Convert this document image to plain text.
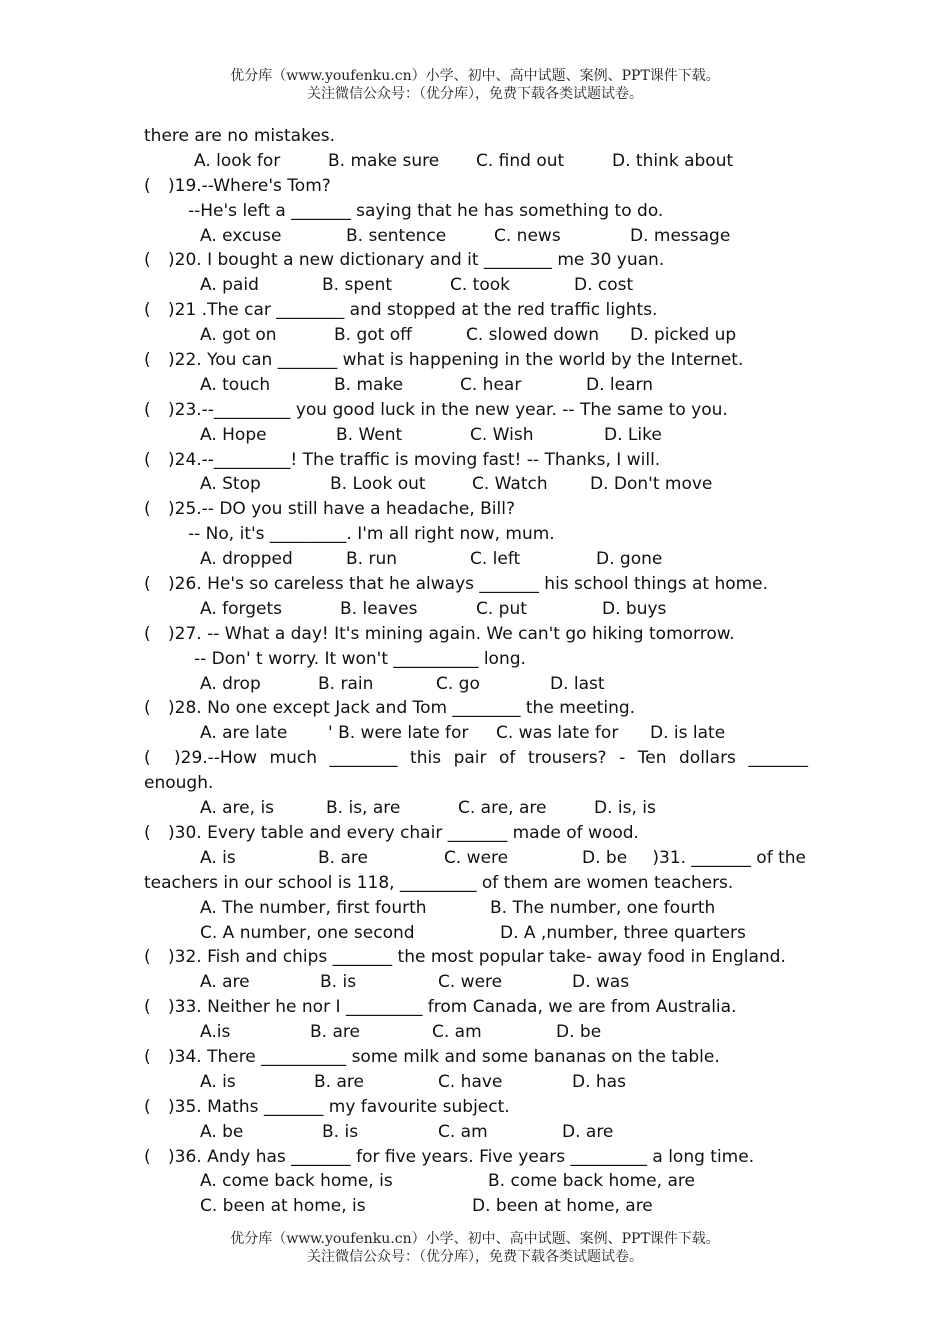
优分库（www.youfenku.cn）小学、初中、高中试题、案例、PPT课件下载。
关注微信公众号：（优分库），免费下载各类试题试卷。
there are no mistakes.
A. look for	B. make sure C. find out	D. think about
( )19.--Where's Tom?
--He's left a _______ saying that he has something to do.
A. excuse	B. sentence	C. news	D. message
( )20. I bought a new dictionary and it ________ me 30 yuan.
A. paid	B. spent	C. took	D. cost
( )21 .The car ________ and stopped at the red traffic lights.
A. got on	B. got off	C. slowed down D. picked up
( )22. You can _______ what is happening in the world by the Internet.
A. touch	B. make	C. hear	D. learn
( )23.--_________ you good luck in the new year. -- The same to you.
A. Hope	B. Went	C. Wish	D. Like
( )24.--_________! The traffic is moving fast! -- Thanks, I will.
A. Stop	B. Look out	C. Watch D. Don't move
( )25.-- DO you still have a headache, Bill?
-- No, it's _________. I'm all right now, mum.
A. dropped	B. run	C. left	D. gone
( )26. He's so careless that he always _______ his school things at home.
A. forgets	B. leaves	C. put	D. buys
( )27. -- What a day! It's mining again. We can't go hiking tomorrow.
-- Don' t worry. It won't __________ long.
A. drop	B. rain	C. go	D. last
( )28. No one except Jack and Tom ________ the meeting.
A. are late ' B. were late for C. was late for D. is late
( )29.--How much ________ this pair of trousers? - Ten dollars _______
enough.
A. are, is	B. is, are	C. are, are	D. is, is
( )30. Every table and every chair _______ made of wood.
A. is	B. are	C. were	D. be )31. _______ of the
teachers in our school is 118, _________ of them are women teachers.
A. The number, first fourth	B. The number, one fourth
C. A number, one second	D. A ,number, three quarters
( )32. Fish and chips _______ the most popular take- away food in England.
A. are	B. is	C. were	D. was
( )33. Neither he nor I _________ from Canada, we are from Australia.
A.is	B. are	C. am	D. be
( )34. There __________ some milk and some bananas on the table.
A. is	B. are	C. have	D. has
( )35. Maths _______ my favourite subject.
A. be	B. is	C. am	D. are
( )36. Andy has _______ for five years. Five years _________ a long time.
A. come back home, is	B. come back home, are
C. been at home, is	D. been at home, are
优分库（www.youfenku.cn）小学、初中、高中试题、案例、PPT课件下载。
关注微信公众号：（优分库），免费下载各类试题试卷。
